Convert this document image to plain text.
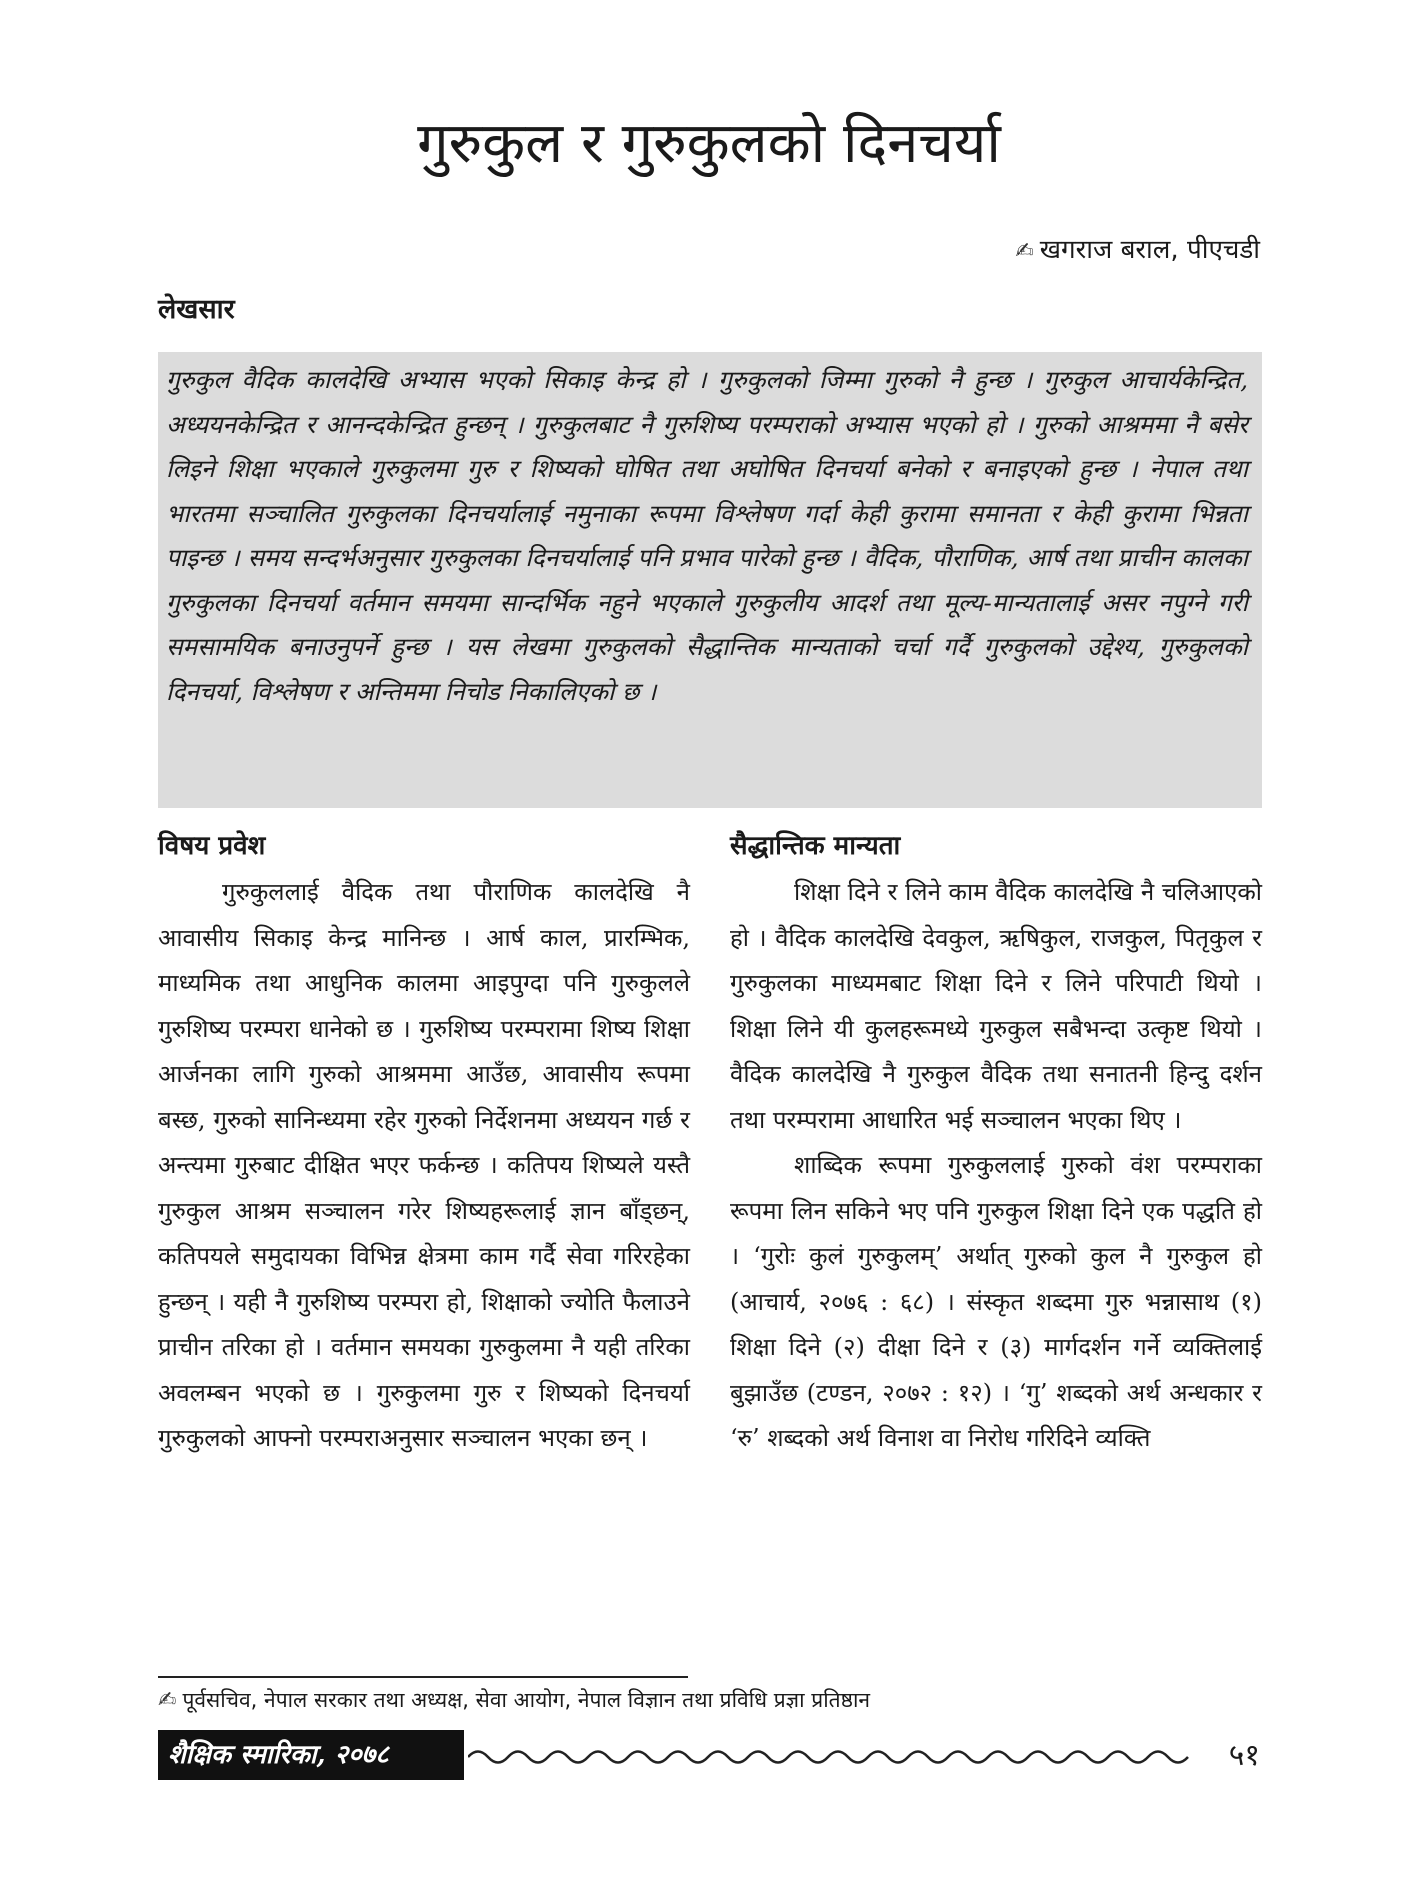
गुरुकुल र गुरुकुलको दिनचर्या
✍ खगराज बराल, पीएचडी
लेखसार

गुरुकुल वैदिक कालदेखि अभ्यास भएको सिकाइ केन्द्र हो । गुरुकुलको जिम्मा गुरुको नै हुन्छ । गुरुकुल आचार्यकेन्द्रित, अध्ययनकेन्द्रित र आनन्दकेन्द्रित हुन्छन् । गुरुकुलबाट नै गुरुशिष्य परम्पराको अभ्यास भएको हो । गुरुको आश्रममा नै बसेर लिइने शिक्षा भएकाले गुरुकुलमा गुरु र शिष्यको घोषित तथा अघोषित दिनचर्या बनेको र बनाइएको हुन्छ । नेपाल तथा भारतमा सञ्चालित गुरुकुलका दिनचर्यालाई नमुनाका रूपमा विश्लेषण गर्दा केही कुरामा समानता र केही कुरामा भिन्नता पाइन्छ । समय सन्दर्भअनुसार गुरुकुलका दिनचर्यालाई पनि प्रभाव पारेको हुन्छ । वैदिक, पौराणिक, आर्ष तथा प्राचीन कालका गुरुकुलका दिनचर्या वर्तमान समयमा सान्दर्भिक नहुने भएकाले गुरुकुलीय आदर्श तथा मूल्य-मान्यतालाई असर नपुग्ने गरी समसामयिक बनाउनुपर्ने हुन्छ । यस लेखमा गुरुकुलको सैद्धान्तिक मान्यताको चर्चा गर्दै गुरुकुलको उद्देश्य, गुरुकुलको दिनचर्या, विश्लेषण र अन्तिममा निचोड निकालिएको छ ।

विषय प्रवेश

गुरुकुललाई वैदिक तथा पौराणिक कालदेखि नै आवासीय सिकाइ केन्द्र मानिन्छ । आर्ष काल, प्रारम्भिक, माध्यमिक तथा आधुनिक कालमा आइपुग्दा पनि गुरुकुलले गुरुशिष्य परम्परा धानेको छ । गुरुशिष्य परम्परामा शिष्य शिक्षा आर्जनका लागि गुरुको आश्रममा आउँछ, आवासीय रूपमा बस्छ, गुरुको सानिन्ध्यमा रहेर गुरुको निर्देशनमा अध्ययन गर्छ र अन्त्यमा गुरुबाट दीक्षित भएर फर्कन्छ । कतिपय शिष्यले यस्तै गुरुकुल आश्रम सञ्चालन गरेर शिष्यहरूलाई ज्ञान बाँड्छन्, कतिपयले समुदायका विभिन्न क्षेत्रमा काम गर्दै सेवा गरिरहेका हुन्छन् । यही नै गुरुशिष्य परम्परा हो, शिक्षाको ज्योति फैलाउने प्राचीन तरिका हो । वर्तमान समयका गुरुकुलमा नै यही तरिका अवलम्बन भएको छ । गुरुकुलमा गुरु र शिष्यको दिनचर्या गुरुकुलको आफ्नो परम्पराअनुसार सञ्चालन भएका छन् ।

सैद्धान्तिक मान्यता

शिक्षा दिने र लिने काम वैदिक कालदेखि नै चलिआएको हो । वैदिक कालदेखि देवकुल, ऋषिकुल, राजकुल, पितृकुल र गुरुकुलका माध्यमबाट शिक्षा दिने र लिने परिपाटी थियो । शिक्षा लिने यी कुलहरूमध्ये गुरुकुल सबैभन्दा उत्कृष्ट थियो । वैदिक कालदेखि नै गुरुकुल वैदिक तथा सनातनी हिन्दु दर्शन तथा परम्परामा आधारित भई सञ्चालन भएका थिए ।

शाब्दिक रूपमा गुरुकुललाई गुरुको वंश परम्पराका रूपमा लिन सकिने भए पनि गुरुकुल शिक्षा दिने एक पद्धति हो । ‘गुरोः कुलं गुरुकुलम्’ अर्थात् गुरुको कुल नै गुरुकुल हो (आचार्य, २०७६ : ६८) । संस्कृत शब्दमा गुरु भन्नासाथ (१) शिक्षा दिने (२) दीक्षा दिने र (३) मार्गदर्शन गर्ने व्यक्तिलाई बुझाउँछ (टण्डन, २०७२ : १२) । ‘गु’ शब्दको अर्थ अन्धकार र ‘रु’ शब्दको अर्थ विनाश वा निरोध गरिदिने व्यक्ति

✍ पूर्वसचिव, नेपाल सरकार तथा अध्यक्ष, सेवा आयोग, नेपाल विज्ञान तथा प्रविधि प्रज्ञा प्रतिष्ठान
शैक्षिक स्मारिका, २०७८	५१
